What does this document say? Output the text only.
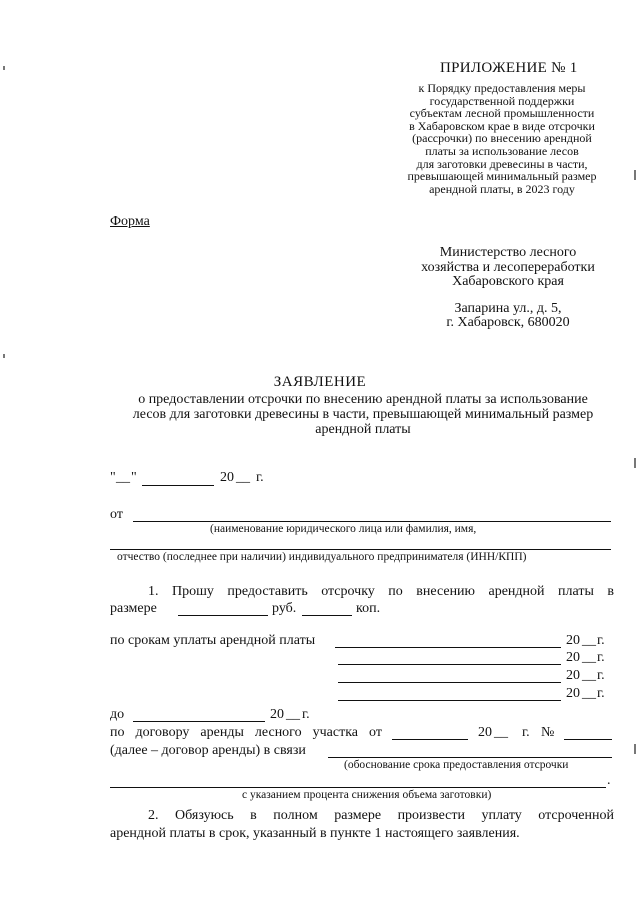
ПРИЛОЖЕНИЕ № 1
к Порядку предоставления меры
государственной поддержки
субъектам лесной промышленности
в Хабаровском крае в виде отсрочки
(рассрочки) по внесению арендной
платы за использование лесов
для заготовки древесины в части,
превышающей минимальный размер
арендной платы, в 2023 году
Форма
Министерство лесного
хозяйства и лесопереработки
Хабаровского края
Запарина ул., д. 5,
г. Хабаровск, 680020
ЗАЯВЛЕНИЕ
о предоставлении отсрочки по внесению арендной платы за использование
лесов для заготовки древесины в части, превышающей минимальный размер
арендной платы
" __ "	20 __ г.
от
(наименование юридического лица или фамилия, имя,
отчество (последнее при наличии) индивидуального предпринимателя (ИНН/КПП)
1. Прошу предоставить отсрочку по внесению арендной платы в
размере	руб.	коп.
по срокам уплаты арендной платы	20 __ г.
20 __ г.
20 __ г.
20 __ г.
до	20 __ г.
по договору аренды лесного участка от	20 __ г. №
(далее – договор аренды) в связи
(обоснование срока предоставления отсрочки
.
с указанием процента снижения объема заготовки)
2. Обязуюсь в полном размере произвести уплату отсроченной
арендной платы в срок, указанный в пункте 1 настоящего заявления.
